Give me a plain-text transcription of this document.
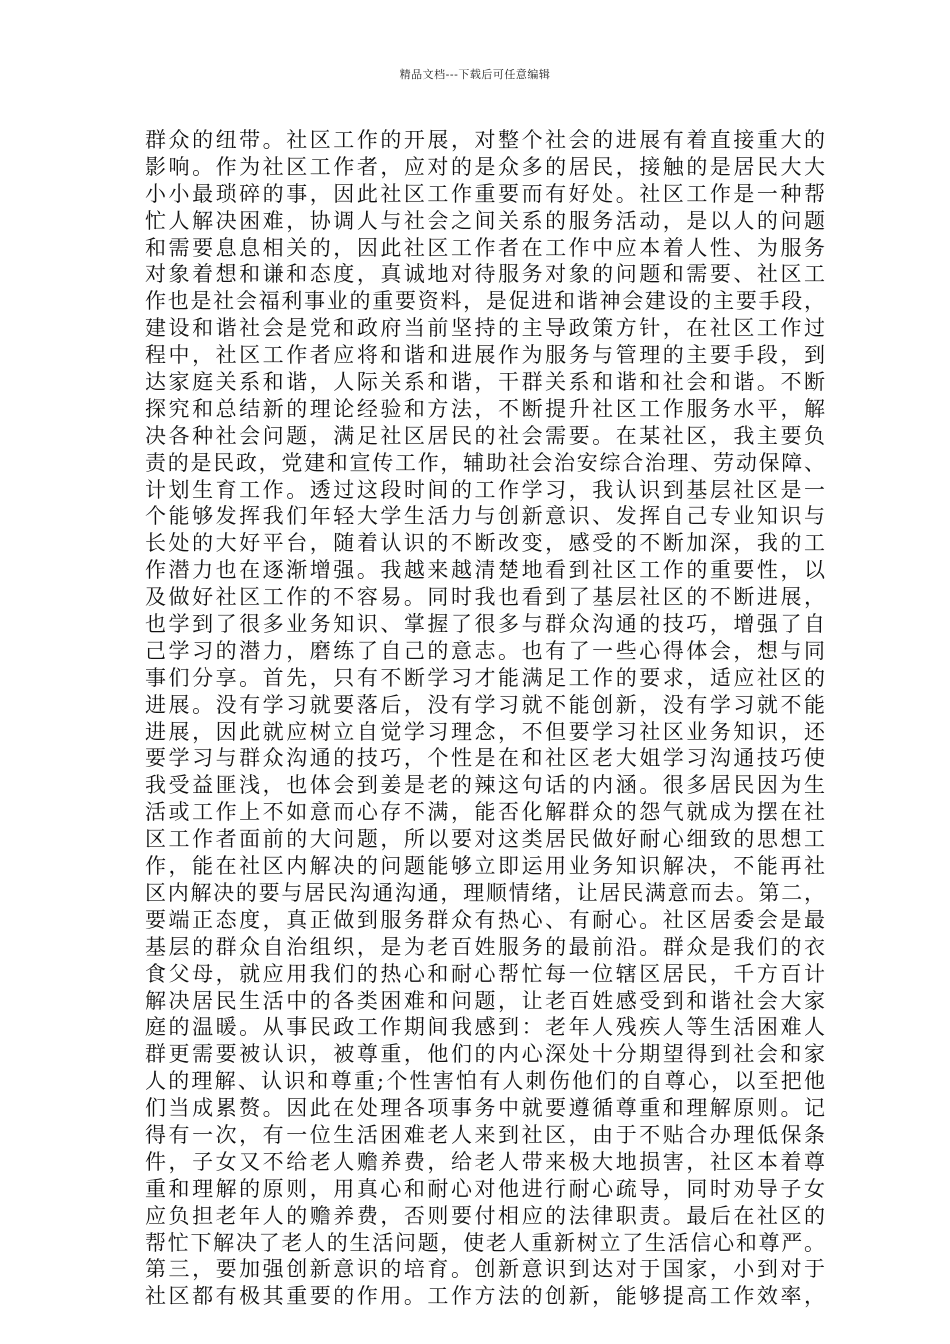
精品文档---下载后可任意编辑
群众的纽带。社区工作的开展，对整个社会的进展有着直接重大的
影响。作为社区工作者，应对的是众多的居民，接触的是居民大大
小小最琐碎的事，因此社区工作重要而有好处。社区工作是一种帮
忙人解决困难，协调人与社会之间关系的服务活动，是以人的问题
和需要息息相关的，因此社区工作者在工作中应本着人性、为服务
对象着想和谦和态度，真诚地对待服务对象的问题和需要、社区工
作也是社会福利事业的重要资料，是促进和谐神会建设的主要手段，
建设和谐社会是党和政府当前坚持的主导政策方针，在社区工作过
程中，社区工作者应将和谐和进展作为服务与管理的主要手段，到
达家庭关系和谐，人际关系和谐，干群关系和谐和社会和谐。不断
探究和总结新的理论经验和方法，不断提升社区工作服务水平，解
决各种社会问题，满足社区居民的社会需要。在某社区，我主要负
责的是民政，党建和宣传工作，辅助社会治安综合治理、劳动保障、
计划生育工作。透过这段时间的工作学习，我认识到基层社区是一
个能够发挥我们年轻大学生活力与创新意识、发挥自己专业知识与
长处的大好平台，随着认识的不断改变，感受的不断加深，我的工
作潜力也在逐渐增强。我越来越清楚地看到社区工作的重要性，以
及做好社区工作的不容易。同时我也看到了基层社区的不断进展，
也学到了很多业务知识、掌握了很多与群众沟通的技巧，增强了自
己学习的潜力，磨练了自己的意志。也有了一些心得体会，想与同
事们分享。首先，只有不断学习才能满足工作的要求，适应社区的
进展。没有学习就要落后，没有学习就不能创新，没有学习就不能
进展，因此就应树立自觉学习理念，不但要学习社区业务知识，还
要学习与群众沟通的技巧，个性是在和社区老大姐学习沟通技巧使
我受益匪浅，也体会到姜是老的辣这句话的内涵。很多居民因为生
活或工作上不如意而心存不满，能否化解群众的怨气就成为摆在社
区工作者面前的大问题，所以要对这类居民做好耐心细致的思想工
作，能在社区内解决的问题能够立即运用业务知识解决，不能再社
区内解决的要与居民沟通沟通，理顺情绪，让居民满意而去。第二，
要端正态度，真正做到服务群众有热心、有耐心。社区居委会是最
基层的群众自治组织，是为老百姓服务的最前沿。群众是我们的衣
食父母，就应用我们的热心和耐心帮忙每一位辖区居民，千方百计
解决居民生活中的各类困难和问题，让老百姓感受到和谐社会大家
庭的温暖。从事民政工作期间我感到：老年人残疾人等生活困难人
群更需要被认识，被尊重，他们的内心深处十分期望得到社会和家
人的理解、认识和尊重;个性害怕有人刺伤他们的自尊心，以至把他
们当成累赘。因此在处理各项事务中就要遵循尊重和理解原则。记
得有一次，有一位生活困难老人来到社区，由于不贴合办理低保条
件，子女又不给老人赡养费，给老人带来极大地损害，社区本着尊
重和理解的原则，用真心和耐心对他进行耐心疏导，同时劝导子女
应负担老年人的赡养费，否则要付相应的法律职责。最后在社区的
帮忙下解决了老人的生活问题，使老人重新树立了生活信心和尊严。
第三，要加强创新意识的培育。创新意识到达对于国家，小到对于
社区都有极其重要的作用。工作方法的创新，能够提高工作效率，
